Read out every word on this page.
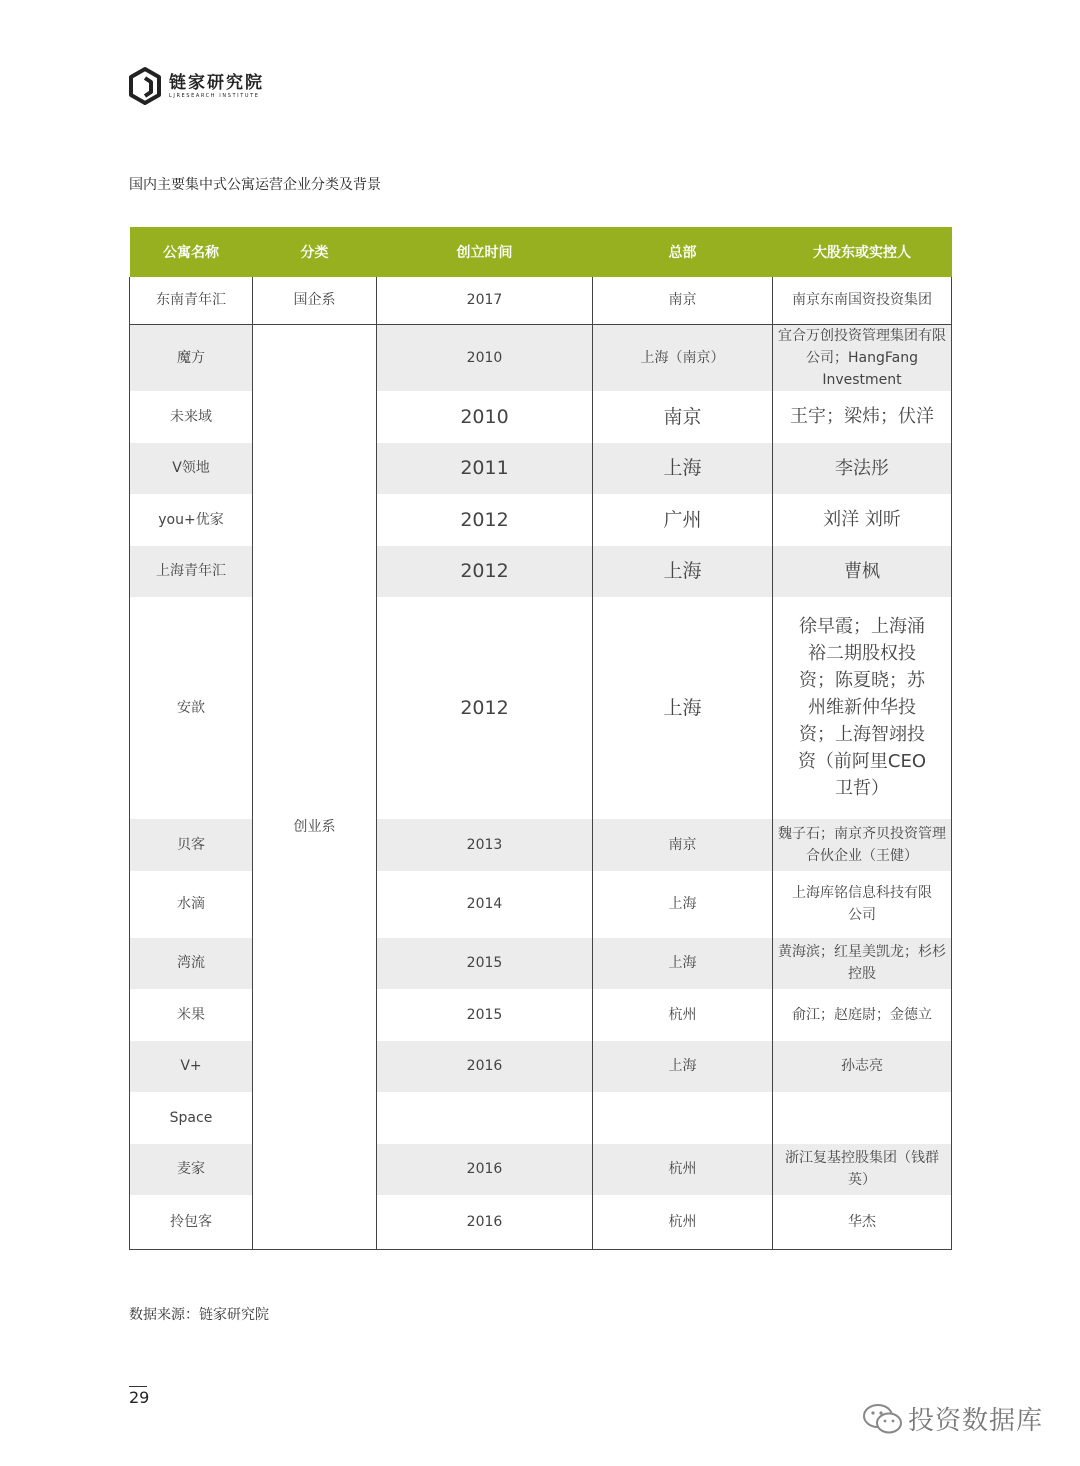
链家研究院
LJRESEARCH INSTITUTE
国内主要集中式公寓运营企业分类及背景
公寓名称	分类	创立时间	总部	大股东或实控人
东南青年汇	国企系	2017	南京	南京东南国资投资集团
魔方	创业系	2010	上海（南京）	宜合万创投资管理集团有限公司；HangFang Investment
未来域		2010	南京	王宇；梁炜；伏洋
V领地		2011	上海	李法彤
you+优家		2012	广州	刘洋 刘昕
上海青年汇		2012	上海	曹枫
安歆		2012	上海	徐早霞；上海涌裕二期股权投资；陈夏晓；苏州维新仲华投资；上海智翊投资（前阿里CEO卫哲）
贝客		2013	南京	魏子石；南京齐贝投资管理合伙企业（王健）
水滴		2014	上海	上海库铭信息科技有限公司
湾流		2015	上海	黄海滨；红星美凯龙；杉杉控股
米果		2015	杭州	俞江；赵庭尉；金德立
V+		2016	上海	孙志亮
Space				
麦家		2016	杭州	浙江复基控股集团（钱群英）
拎包客		2016	杭州	华杰
数据来源：链家研究院
29
投资数据库
